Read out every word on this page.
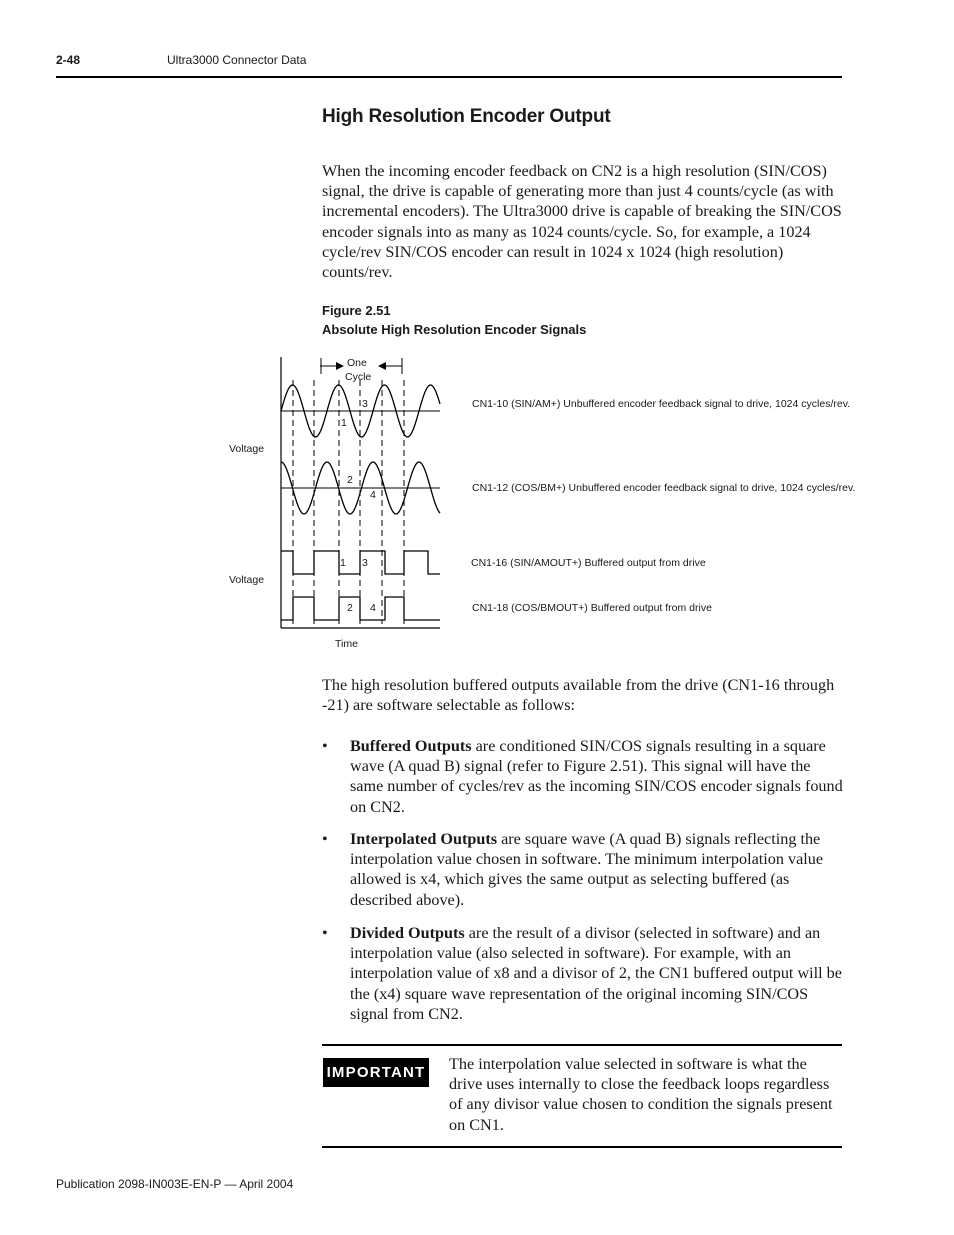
2-48	Ultra3000 Connector Data
High Resolution Encoder Output

When the incoming encoder feedback on CN2 is a high resolution (SIN/COS) signal, the drive is capable of generating more than just 4 counts/cycle (as with incremental encoders). The Ultra3000 drive is capable of breaking the SIN/COS encoder signals into as many as 1024 counts/cycle. So, for example, a 1024 cycle/rev SIN/COS encoder can result in 1024 x 1024 (high resolution) counts/rev.

Figure 2.51
Absolute High Resolution Encoder Signals
One
Cycle
Voltage
Voltage
Time
3
1
2
4
1 3
2 4
CN1-10 (SIN/AM+) Unbuffered encoder feedback signal to drive, 1024 cycles/rev.
CN1-12 (COS/BM+) Unbuffered encoder feedback signal to drive, 1024 cycles/rev.
CN1-16 (SIN/AMOUT+) Buffered output from drive
CN1-18 (COS/BMOUT+) Buffered output from drive

The high resolution buffered outputs available from the drive (CN1-16 through -21) are software selectable as follows:

• Buffered Outputs are conditioned SIN/COS signals resulting in a square wave (A quad B) signal (refer to Figure 2.51). This signal will have the same number of cycles/rev as the incoming SIN/COS encoder signals found on CN2.
• Interpolated Outputs are square wave (A quad B) signals reflecting the interpolation value chosen in software. The minimum interpolation value allowed is x4, which gives the same output as selecting buffered (as described above).
• Divided Outputs are the result of a divisor (selected in software) and an interpolation value (also selected in software). For example, with an interpolation value of x8 and a divisor of 2, the CN1 buffered output will be the (x4) square wave representation of the original incoming SIN/COS signal from CN2.
IMPORTANT The interpolation value selected in software is what the drive uses internally to close the feedback loops regardless of any divisor value chosen to condition the signals present on CN1.

Publication 2098-IN003E-EN-P — April 2004
